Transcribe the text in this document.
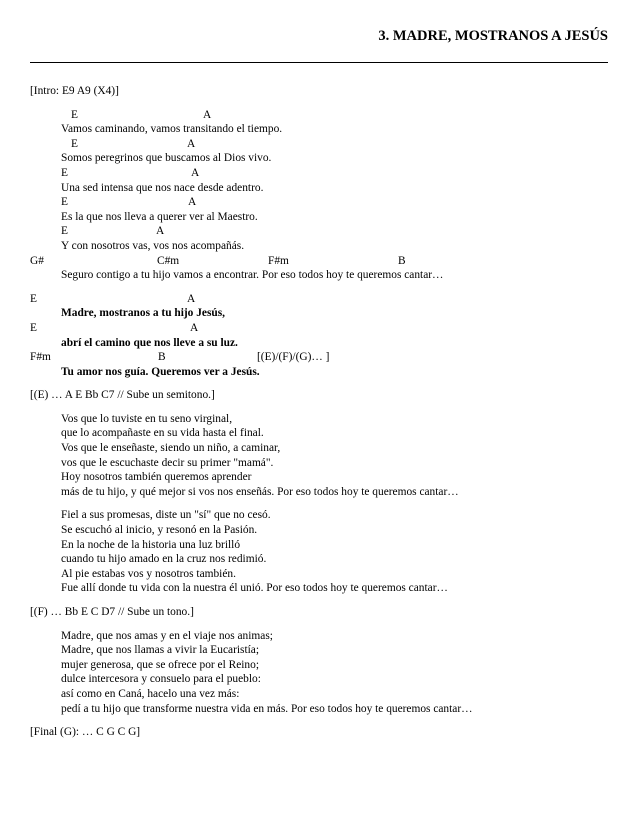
3. MADRE, MOSTRANOS A JESÚS
[Intro: E9 A9 (X4)]
E	A
Vamos caminando, vamos transitando el tiempo.
E	A
Somos peregrinos que buscamos al Dios vivo.
E	A
Una sed intensa que nos nace desde adentro.
E	A
Es la que nos lleva a querer ver al Maestro.
E	A
Y con nosotros vas, vos nos acompañás.
G#	C#m	F#m	B
Seguro contigo a tu hijo vamos a encontrar. Por eso todos hoy te queremos cantar…
E	A
Madre, mostranos a tu hijo Jesús,
E	A
abrí el camino que nos lleve a su luz.
F#m	B	[(E)/(F)/(G)… ]
Tu amor nos guía. Queremos ver a Jesús.
[(E) … A E Bb C7 // Sube un semitono.]
Vos que lo tuviste en tu seno virginal,
que lo acompañaste en su vida hasta el final.
Vos que le enseñaste, siendo un niño, a caminar,
vos que le escuchaste decir su primer "mamá".
Hoy nosotros también queremos aprender
más de tu hijo, y qué mejor si vos nos enseñás. Por eso todos hoy te queremos cantar…
Fiel a sus promesas, diste un "sí" que no cesó.
Se escuchó al inicio, y resonó en la Pasión.
En la noche de la historia una luz brilló
cuando tu hijo amado en la cruz nos redimió.
Al pie estabas vos y nosotros también.
Fue allí donde tu vida con la nuestra él unió. Por eso todos hoy te queremos cantar…
[(F) … Bb E C D7 // Sube un tono.]
Madre, que nos amas y en el viaje nos animas;
Madre, que nos llamas a vivir la Eucaristía;
mujer generosa, que se ofrece por el Reino;
dulce intercesora y consuelo para el pueblo:
así como en Caná, hacelo una vez más:
pedí a tu hijo que transforme nuestra vida en más. Por eso todos hoy te queremos cantar…
[Final (G): … C G C G]
